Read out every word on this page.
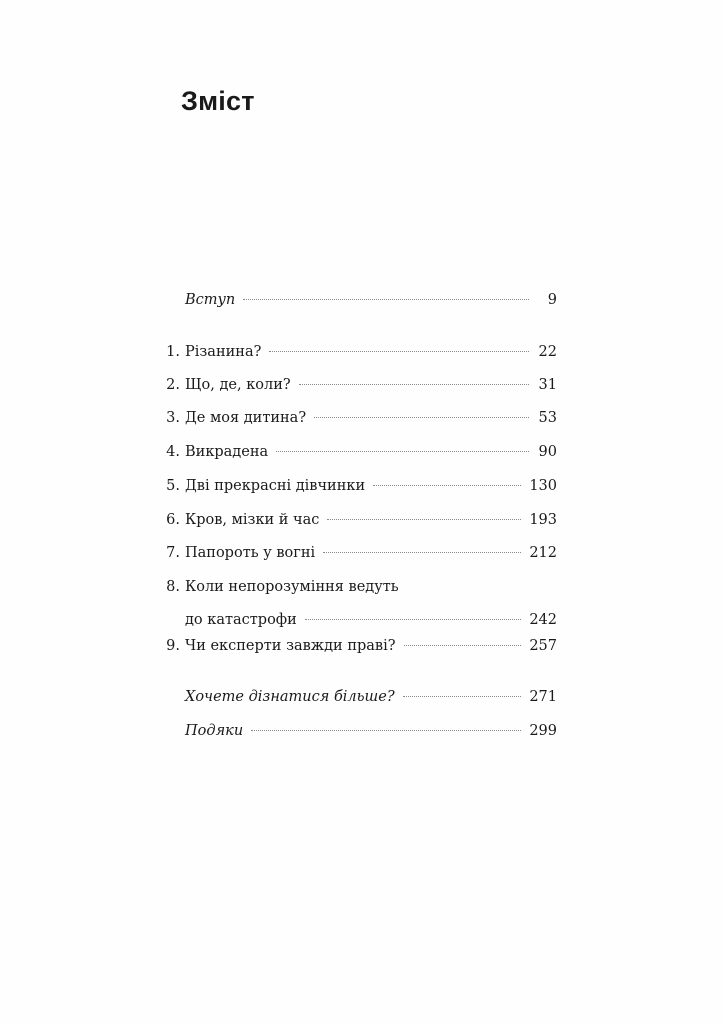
Зміст
Вступ	9
1. Різанина?	22
2. Що, де, коли?	31
3. Де моя дитина?	53
4. Викрадена	90
5. Дві прекрасні дівчинки	130
6. Кров, мізки й час	193
7. Папороть у вогні	212
8. Коли непорозуміння ведуть
до катастрофи	242
9. Чи експерти завжди праві?	257
Хочете дізнатися більше?	271
Подяки	299
